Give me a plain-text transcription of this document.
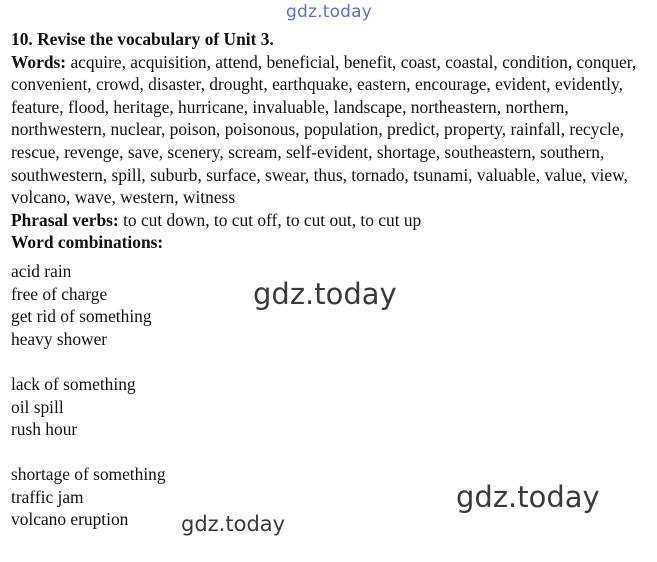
gdz.today

10. Revise the vocabulary of Unit 3.

Words: acquire, acquisition, attend, beneficial, benefit, coast, coastal, condition, conquer, convenient, crowd, disaster, drought, earthquake, eastern, encourage, evident, evidently, feature, flood, heritage, hurricane, invaluable, landscape, northeastern, northern, northwestern, nuclear, poison, poisonous, population, predict, property, rainfall, recycle, rescue, revenge, save, scenery, scream, self-evident, shortage, southeastern, southern, southwestern, spill, suburb, surface, swear, thus, tornado, tsunami, valuable, value, view, volcano, wave, western, witness

Phrasal verbs: to cut down, to cut off, to cut out, to cut up

Word combinations:

acid rain
free of charge
get rid of something
heavy shower
lack of something
oil spill
rush hour
shortage of something
traffic jam
volcano eruption
gdz.today
gdz.today
gdz.today
